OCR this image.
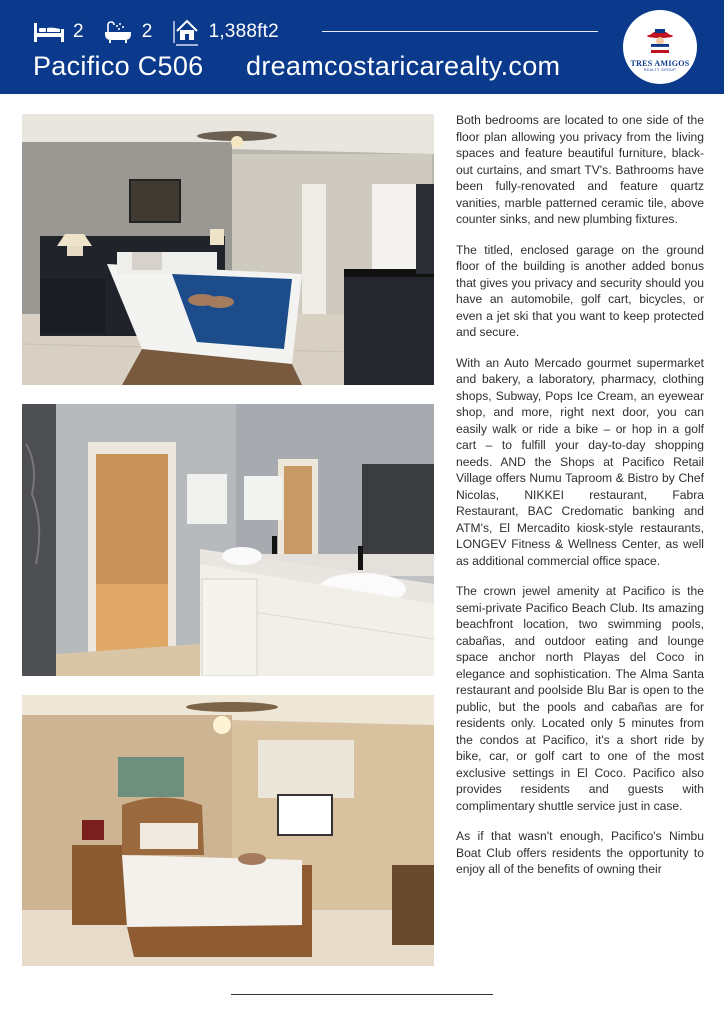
2	2	1,388ft2
Pacifico C506 dreamcostaricarealty.com	TRES AMIGOS
REALTY GROUP

Both bedrooms are located to one side of the floor plan allowing you privacy from the living spaces and feature beautiful furniture, black-out curtains, and smart TV's. Bathrooms have been fully-renovated and feature quartz vanities, marble patterned ceramic tile, above counter sinks, and new plumbing fixtures.

The titled, enclosed garage on the ground floor of the building is another added bonus that gives you privacy and security should you have an automobile, golf cart, bicycles, or even a jet ski that you want to keep protected and secure.

With an Auto Mercado gourmet supermarket and bakery, a laboratory, pharmacy, clothing shops, Subway, Pops Ice Cream, an eyewear shop, and more, right next door, you can easily walk or ride a bike – or hop in a golf cart – to fulfill your day-to-day shopping needs. AND the Shops at Pacifico Retail Village offers Numu Taproom & Bistro by Chef Nicolas, NIKKEI restaurant, Fabra Restaurant, BAC Credomatic banking and ATM's, El Mercadito kiosk-style restaurants, LONGEV Fitness & Wellness Center, as well as additional commercial office space.

The crown jewel amenity at Pacifico is the semi-private Pacifico Beach Club. Its amazing beachfront location, two swimming pools, cabañas, and outdoor eating and lounge space anchor north Playas del Coco in elegance and sophistication. The Alma Santa restaurant and poolside Blu Bar is open to the public, but the pools and cabañas are for residents only. Located only 5 minutes from the condos at Pacifico, it's a short ride by bike, car, or golf cart to one of the most exclusive settings in El Coco. Pacifico also provides residents and guests with complimentary shuttle service just in case.

As if that wasn't enough, Pacifico's Nimbu Boat Club offers residents the opportunity to enjoy all of the benefits of owning their
